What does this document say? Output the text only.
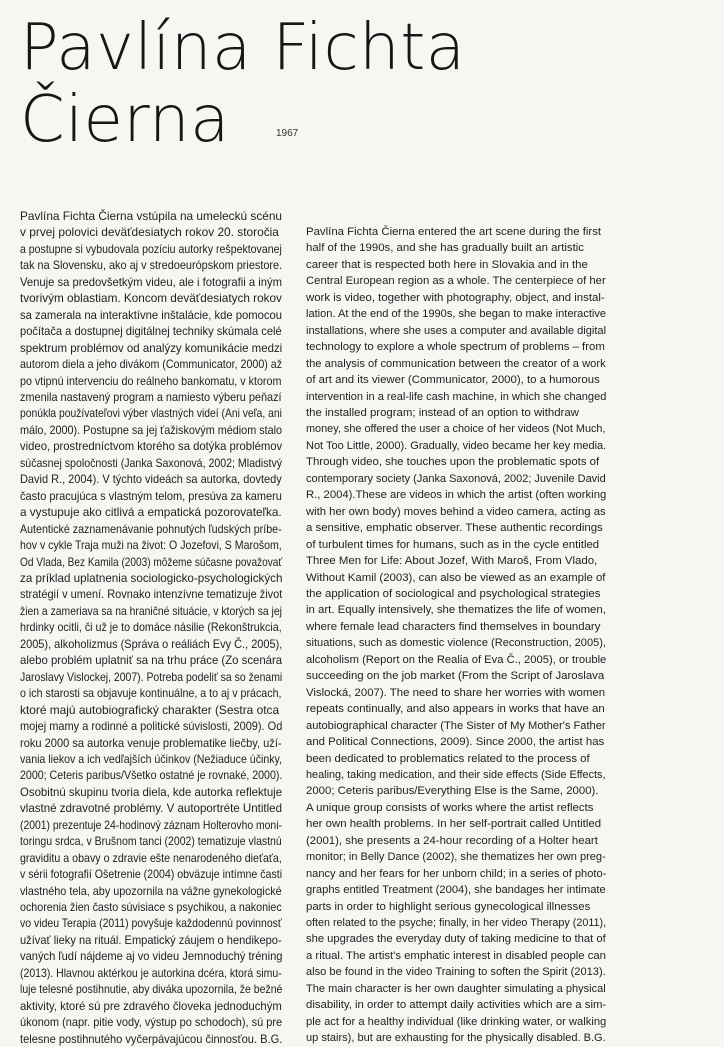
Pavlína Fichta
Čierna	1967
Pavlína Fichta Čierna vstúpila na umeleckú scénu
v prvej polovici deväťdesiatych rokov 20. storočia
a postupne si vybudovala pozíciu autorky rešpektovanej
tak na Slovensku, ako aj v stredoeurópskom priestore.
Venuje sa predovšetkým videu, ale i fotografii a iným
tvorivým oblastiam. Koncom deväťdesiatych rokov
sa zamerala na interaktívne inštalácie, kde pomocou
počítača a dostupnej digitálnej techniky skúmala celé
spektrum problémov od analýzy komunikácie medzi
autorom diela a jeho divákom (Communicator, 2000) až
po vtipnú intervenciu do reálneho bankomatu, v ktorom
zmenila nastavený program a namiesto výberu peňazí
ponúkla používateľovi výber vlastných videí (Ani veľa, ani
málo, 2000). Postupne sa jej ťažiskovým médiom stalo
video, prostredníctvom ktorého sa dotýka problémov
súčasnej spoločnosti (Janka Saxonová, 2002; Mladistvý
David R., 2004). V týchto videách sa autorka, dovtedy
často pracujúca s vlastným telom, presúva za kameru
a vystupuje ako citlivá a empatická pozorovateľka.
Autentické zaznamenávanie pohnutých ľudských príbe-
hov v cykle Traja muži na život: O Jozefovi, S Marošom,
Od Vlada, Bez Kamila (2003) môžeme súčasne považovať
za príklad uplatnenia sociologicko-psychologických
stratégií v umení. Rovnako intenzívne tematizuje život
žien a zameriava sa na hraničné situácie, v ktorých sa jej
hrdinky ocitli, či už je to domáce násilie (Rekonštrukcia,
2005), alkoholizmus (Správa o reáliách Evy Č., 2005),
alebo problém uplatniť sa na trhu práce (Zo scenára
Jaroslavy Vislockej, 2007). Potreba podeliť sa so ženami
o ich starosti sa objavuje kontinuálne, a to aj v prácach,
ktoré majú autobiografický charakter (Sestra otca
mojej mamy a rodinné a politické súvislosti, 2009). Od
roku 2000 sa autorka venuje problematike liečby, uží-
vania liekov a ich vedľajších účinkov (Nežiaduce účinky,
2000; Ceteris paribus/Všetko ostatné je rovnaké, 2000).
Osobitnú skupinu tvoria diela, kde autorka reflektuje
vlastné zdravotné problémy. V autoportréte Untitled
(2001) prezentuje 24-hodinový záznam Holterovho moni-
toringu srdca, v Brušnom tanci (2002) tematizuje vlastnú
graviditu a obavy o zdravie ešte nenarodeného dieťaťa,
v sérii fotografií Ošetrenie (2004) obväzuje intímne časti
vlastného tela, aby upozornila na vážne gynekologické
ochorenia žien často súvisiace s psychikou, a nakoniec
vo videu Terapia (2011) povyšuje každodennú povinnosť
užívať lieky na rituál. Empatický záujem o hendikepo-
vaných ľudí nájdeme aj vo videu Jemnoduchý tréning
(2013). Hlavnou aktérkou je autorkina dcéra, ktorá simu-
luje telesné postihnutie, aby diváka upozornila, že bežné
aktivity, ktoré sú pre zdravého človeka jednoduchým
úkonom (napr. pitie vody, výstup po schodoch), sú pre
telesne postihnutého vyčerpávajúcou činnosťou. B.G.
Pavlína Fichta Čierna entered the art scene during the first
half of the 1990s, and she has gradually built an artistic
career that is respected both here in Slovakia and in the
Central European region as a whole. The centerpiece of her
work is video, together with photography, object, and instal-
lation. At the end of the 1990s, she began to make interactive
installations, where she uses a computer and available digital
technology to explore a whole spectrum of problems – from
the analysis of communication between the creator of a work
of art and its viewer (Communicator, 2000), to a humorous
intervention in a real-life cash machine, in which she changed
the installed program; instead of an option to withdraw
money, she offered the user a choice of her videos (Not Much,
Not Too Little, 2000). Gradually, video became her key media.
Through video, she touches upon the problematic spots of
contemporary society (Janka Saxonová, 2002; Juvenile David
R., 2004).These are videos in which the artist (often working
with her own body) moves behind a video camera, acting as
a sensitive, emphatic observer. These authentic recordings
of turbulent times for humans, such as in the cycle entitled
Three Men for Life: About Jozef, With Maroš, From Vlado,
Without Kamil (2003), can also be viewed as an example of
the application of sociological and psychological strategies
in art. Equally intensively, she thematizes the life of women,
where female lead characters find themselves in boundary
situations, such as domestic violence (Reconstruction, 2005),
alcoholism (Report on the Realia of Eva Č., 2005), or trouble
succeeding on the job market (From the Script of Jaroslava
Vislocká, 2007). The need to share her worries with women
repeats continually, and also appears in works that have an
autobiographical character (The Sister of My Mother's Father
and Political Connections, 2009). Since 2000, the artist has
been dedicated to problematics related to the process of
healing, taking medication, and their side effects (Side Effects,
2000; Ceteris paribus/Everything Else is the Same, 2000).
A unique group consists of works where the artist reflects
her own health problems. In her self-portrait called Untitled
(2001), she presents a 24-hour recording of a Holter heart
monitor; in Belly Dance (2002), she thematizes her own preg-
nancy and her fears for her unborn child; in a series of photo-
graphs entitled Treatment (2004), she bandages her intimate
parts in order to highlight serious gynecological illnesses
often related to the psyche; finally, in her video Therapy (2011),
she upgrades the everyday duty of taking medicine to that of
a ritual. The artist's emphatic interest in disabled people can
also be found in the video Training to soften the Spirit (2013).
The main character is her own daughter simulating a physical
disability, in order to attempt daily activities which are a sim-
ple act for a healthy individual (like drinking water, or walking
up stairs), but are exhausting for the physically disabled. B.G.
